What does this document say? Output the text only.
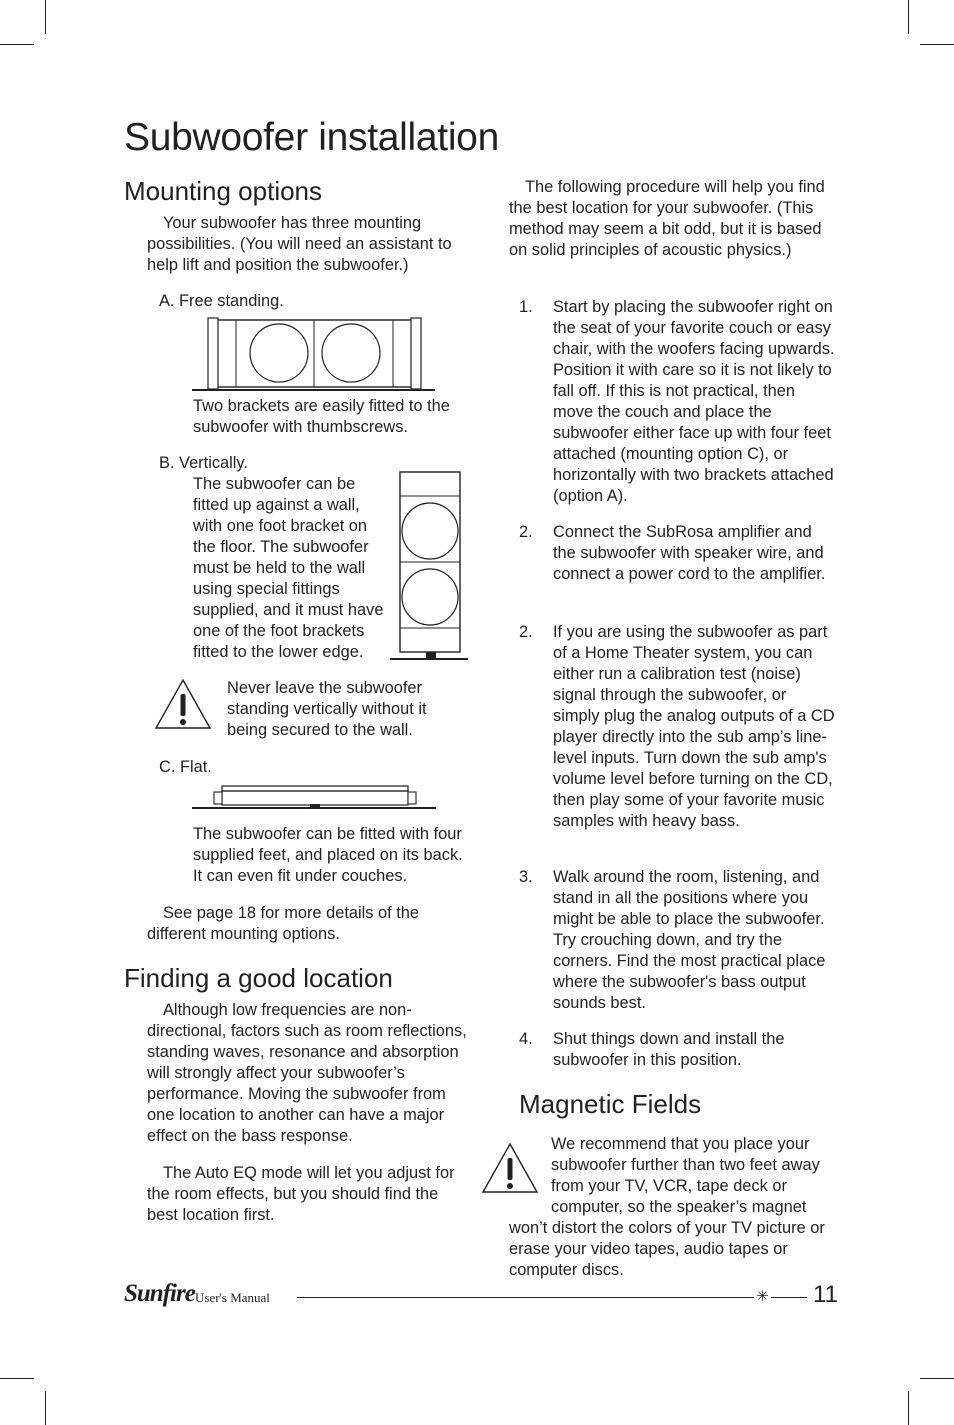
Subwoofer installation
Mounting options

Your subwoofer has three mounting possibilities. (You will need an assistant to help lift and position the subwoofer.)

A. Free standing.

Two brackets are easily fitted to the subwoofer with thumbscrews.

B. Vertically.

The subwoofer can be fitted up against a wall, with one foot bracket on the floor. The subwoofer must be held to the wall using special fittings supplied, and it must have one of the foot brackets fitted to the lower edge.

Never leave the subwoofer standing vertically without it being secured to the wall.

C. Flat.

The subwoofer can be fitted with four supplied feet, and placed on its back. It can even fit under couches.

See page 18 for more details of the different mounting options.

Finding a good location

Although low frequencies are non-directional, factors such as room reflections, standing waves, resonance and absorption will strongly affect your subwoofer’s performance. Moving the subwoofer from one location to another can have a major effect on the bass response.

The Auto EQ mode will let you adjust for the room effects, but you should find the best location first.

The following procedure will help you find the best location for your subwoofer. (This method may seem a bit odd, but it is based on solid principles of acoustic physics.)

1. Start by placing the subwoofer right on the seat of your favorite couch or easy chair, with the woofers facing upwards. Position it with care so it is not likely to fall off. If this is not practical, then move the couch and place the subwoofer either face up with four feet attached (mounting option C), or horizontally with two brackets attached (option A).

2. Connect the SubRosa amplifier and the subwoofer with speaker wire, and connect a power cord to the amplifier.

2. If you are using the subwoofer as part of a Home Theater system, you can either run a calibration test (noise) signal through the subwoofer, or simply plug the analog outputs of a CD player directly into the sub amp’s line-level inputs. Turn down the sub amp's volume level before turning on the CD, then play some of your favorite music samples with heavy bass.

3. Walk around the room, listening, and stand in all the positions where you might be able to place the subwoofer. Try crouching down, and try the corners. Find the most practical place where the subwoofer's bass output sounds best.

4. Shut things down and install the subwoofer in this position.

Magnetic Fields

We recommend that you place your subwoofer further than two feet away from your TV, VCR, tape deck or computer, so the speaker’s magnet won’t distort the colors of your TV picture or erase your video tapes, audio tapes or computer discs.

Sunfire User's Manual	✳ 11
